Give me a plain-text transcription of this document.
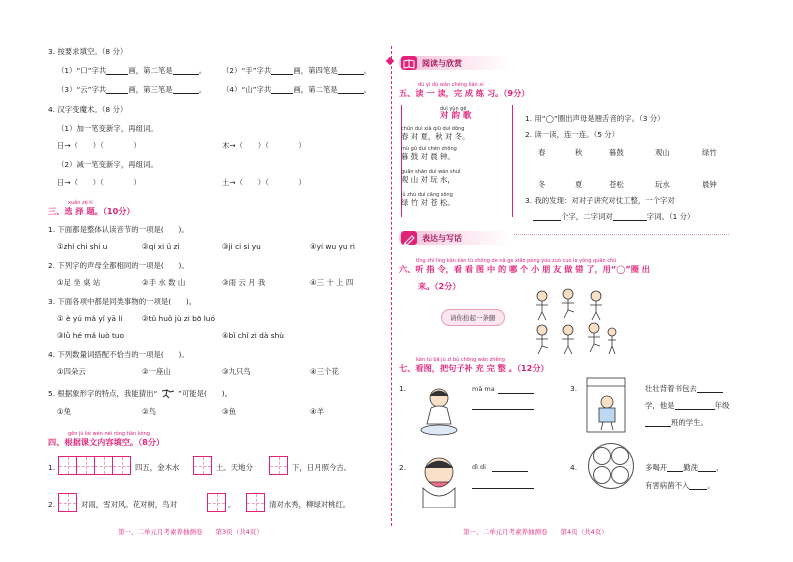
3. 按要求填空。（8 分）
（1）“口”字共	画，第二笔是	。 （2）“手”字共	画，第四笔是	。
（3）“云”字共	画，第三笔是	。 （4）“山”字共	画，第二笔是	。
4. 汉字变魔术。（8 分）
（1）加一笔变新字，再组词。
日→（　　）（　　　　）	木→（　　）（　　　　）
（2）减一笔变新字，再组词。
日→（　　）（　　　　）	土→（　　）（　　　　）
xuǎn zé tí
三、选 择 题。（10分）
1. 下面都是整体认读音节的一项是(　　)。
①zhi chi shi u	②qi xi ü zi	③ji ci si yu	④yi wu yu ri
2. 下列字的声母全都相同的一项是(　　)。
①足 坐 桌 站	②手 水 数 山	③雨 云 月 我	④三 十 上 四
3. 下面各项中都是同类事物的一项是(　　)。
① è yú mǎ yǐ yā lí	②tǔ huǒ jù zi bō luó
③lǜ hé mǎ luò tuo	④bǐ chǐ zi dà shù
4. 下列数量词搭配不恰当的一项是(　　)。
①四朵云	②一座山	③九只鸟	④三个花
5. 根据象形字的特点，我能猜出“	”可能是(　　)。
①兔	②鸟	③鱼	④羊
gēn jù kè wén nèi róng tián kòng
四、根据课文内容填空。（8分）
1.	四五，金木水	土。天地分	下，日月照今古。
2.	对雨，雪对风。花对树，鸟对	。	清对水秀，柳绿对桃红。
第一、二单元月考素养抽测卷　　第3页（共4页）
阅读与欣赏
dú yi dú wán chéng liàn xí
五、读 一 读，完 成 练 习。（9分）
duì yùn gē
对 韵 歌
chūn duì xià qiū duì dōng
春 对 夏，秋 对 冬。
mù gǔ duì chén zhōng
暮 鼓 对 晨 钟。
guān shān duì wán shuǐ
观 山 对 玩 水，
lǜ zhú duì cāng sōng
绿 竹 对 苍 松。
1. 用“◯”圈出声母是翘舌音的字。（3 分）
2. 读一读，连一连。（5 分）
春	秋	暮鼓	观山	绿竹
冬	夏	苍松	玩水	晨钟
3. 我的发现：对对子讲究对仗工整，一个字对
个字，二字词对	字词。（1 分）
表达与写话
tīng zhǐ lìng kàn kàn tú zhōng de nǎ ge xiǎo péng you zuò cuò le yòng quān chū
六、听 指 令，看 看 图 中 的 哪 个 小 朋 友 做 错 了，用“◯”圈 出
来。（2分）
请你抬起一条腿
kàn tú bǎ jù zi bǔ chōng wán zhěng
七、看图，把句子补 充 完 整 。（12分）
1.	mā ma
2.	dì di
3.	壮壮背着书包去
学，他是	年级
班的学生。
4.	多喝开 勤洗 ，
有害病菌不入 。
第一、二单元月考素养抽测卷　　第4页（共4页）
